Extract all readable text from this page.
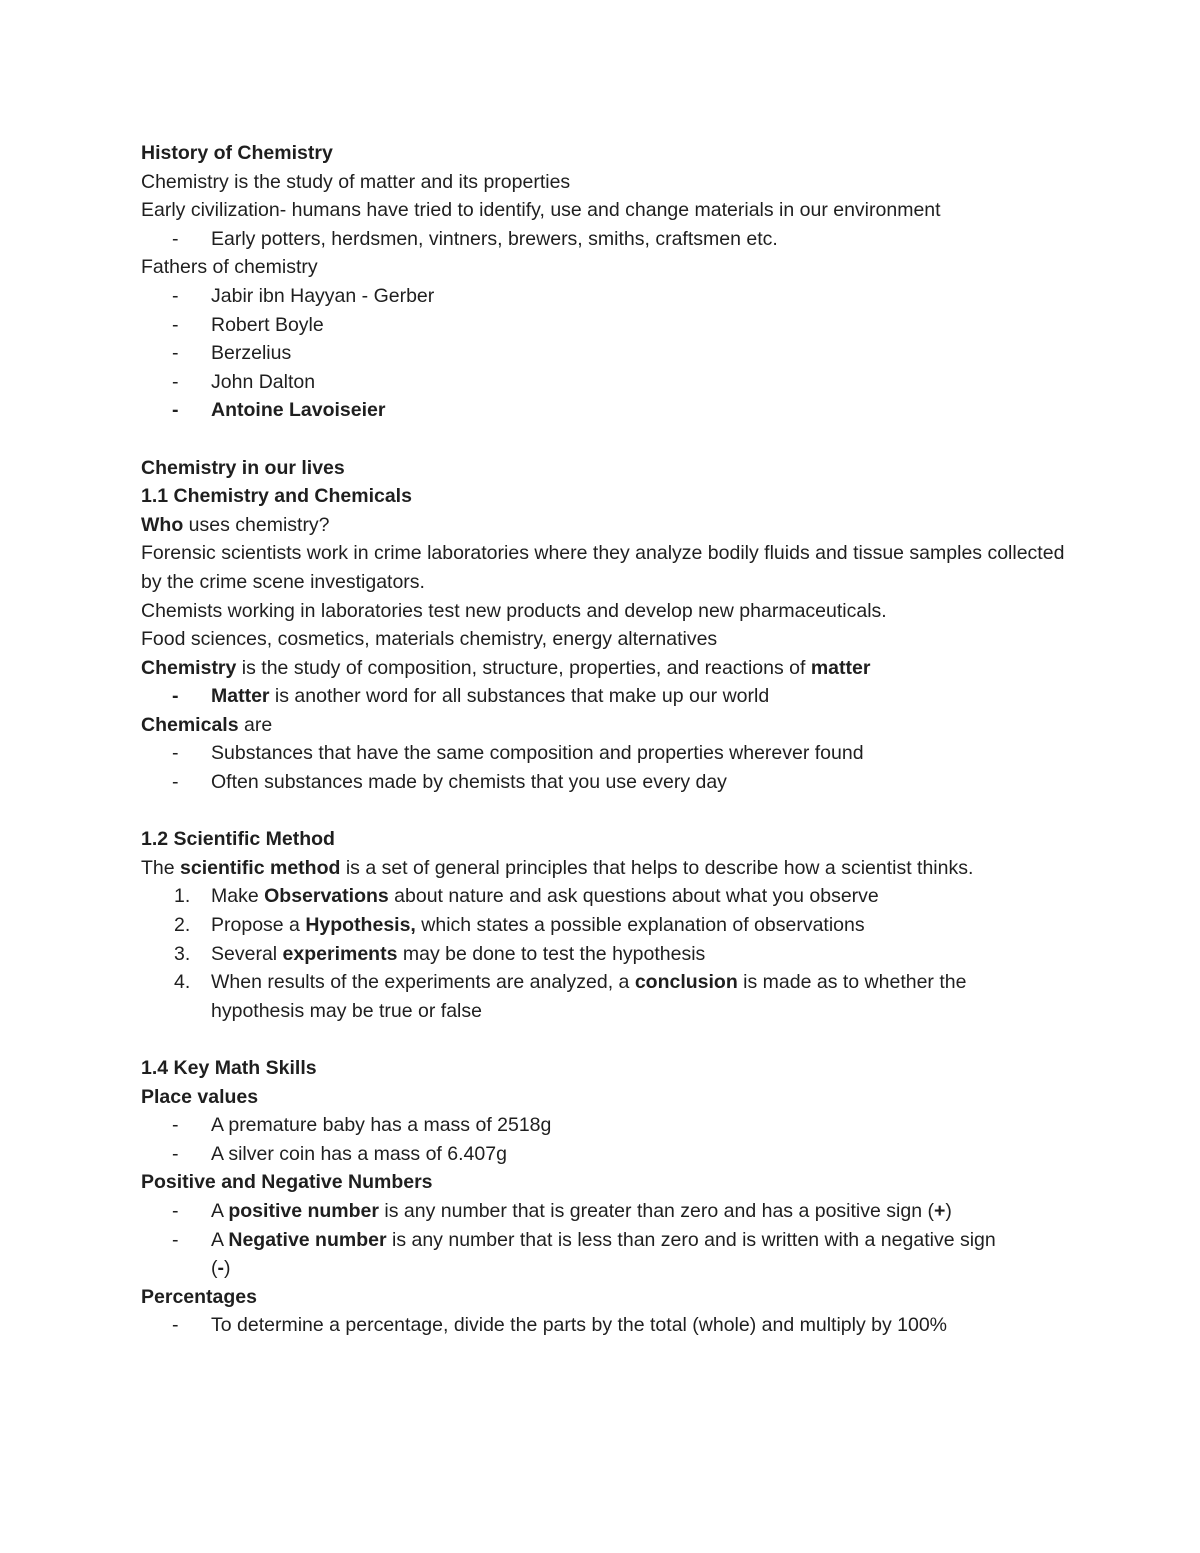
History of Chemistry
Chemistry is the study of matter and its properties
Early civilization- humans have tried to identify, use and change materials in our environment
- Early potters, herdsmen, vintners, brewers, smiths, craftsmen etc.
Fathers of chemistry
- Jabir ibn Hayyan - Gerber
- Robert Boyle
- Berzelius
- John Dalton
- Antoine Lavoiseier
Chemistry in our lives
1.1 Chemistry and Chemicals
Who uses chemistry?
Forensic scientists work in crime laboratories where they analyze bodily fluids and tissue samples collected by the crime scene investigators.
Chemists working in laboratories test new products and develop new pharmaceuticals.
Food sciences, cosmetics, materials chemistry, energy alternatives
Chemistry is the study of composition, structure, properties, and reactions of matter
- Matter is another word for all substances that make up our world
Chemicals are
- Substances that have the same composition and properties wherever found
- Often substances made by chemists that you use every day
1.2 Scientific Method
The scientific method is a set of general principles that helps to describe how a scientist thinks.
1. Make Observations about nature and ask questions about what you observe
2. Propose a Hypothesis, which states a possible explanation of observations
3. Several experiments may be done to test the hypothesis
4. When results of the experiments are analyzed, a conclusion is made as to whether the hypothesis may be true or false
1.4 Key Math Skills
Place values
- A premature baby has a mass of 2518g
- A silver coin has a mass of 6.407g
Positive and Negative Numbers
- A positive number is any number that is greater than zero and has a positive sign (+)
- A Negative number is any number that is less than zero and is written with a negative sign
(-)
Percentages
- To determine a percentage, divide the parts by the total (whole) and multiply by 100%
